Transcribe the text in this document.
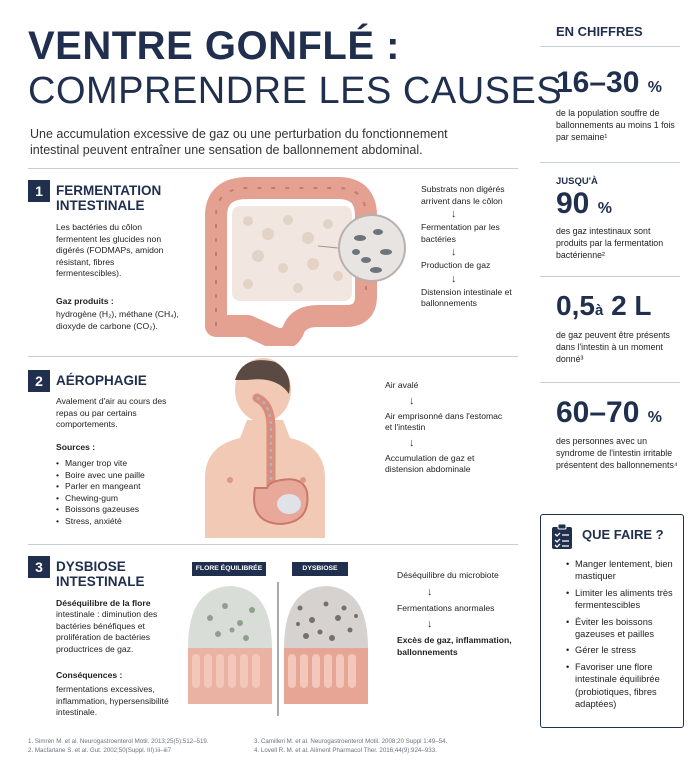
VENTRE GONFLÉ :
COMPRENDRE LES CAUSES
Une accumulation excessive de gaz ou une perturbation du fonctionnement intestinal peuvent entraîner une sensation de ballonnement abdominal.
1 FERMENTATION
INTESTINALE
Les bactéries du côlon fermentent les glucides non digérés (FODMAPs, amidon résistant, fibres fermentescibles).
Gaz produits :
hydrogène (H₂), méthane (CH₄), dioxyde de carbone (CO₂).
Substrats non digérés arrivent dans le côlon
↓
Fermentation par les bactéries
↓
Production de gaz
↓
Distension intestinale et ballonnements
2 AÉROPHAGIE
Avalement d'air au cours des repas ou par certains comportements.
Sources :
• Manger trop vite
• Boire avec une paille
• Parler en mangeant
• Chewing-gum
• Boissons gazeuses
• Stress, anxiété
Air avalé
↓
Air emprisonné dans l'estomac et l'intestin
↓
Accumulation de gaz et distension abdominale
3 DYSBIOSE
INTESTINALE
Déséquilibre de la flore
intestinale : diminution des bactéries bénéfiques et prolifération de bactéries productrices de gaz.
Conséquences :
fermentations excessives, inflammation, hypersensibilité intestinale.
FLORE ÉQUILIBRÉE	DYSBIOSE
Déséquilibre du microbiote
↓
Fermentations anormales
↓
Excès de gaz, inflammation, ballonnements
EN CHIFFRES
16–30 %
de la population souffre de ballonnements au moins 1 fois par semaine¹
JUSQU'À
90 %
des gaz intestinaux sont produits par la fermentation bactérienne²
0,5à 2 L
de gaz peuvent être présents dans l'intestin à un moment donné³
60–70 %
des personnes avec un syndrome de l'intestin irritable présentent des ballonnements⁴
QUE FAIRE ?
• Manger lentement, bien mastiquer
• Limiter les aliments très fermentescibles
• Éviter les boissons gazeuses et pailles
• Gérer le stress
• Favoriser une flore intestinale équilibrée (probiotiques, fibres adaptées)
1. Simrén M. et al. Neurogastroenterol Motil. 2013;25(5):512–519.
2. Macfarlane S. et al. Gut. 2002;50(Suppl. III):iii–iii7
3. Camilleri M. et al. Neurogastroenterol Motil. 2008;20 Suppl 1:49–54.
4. Lovell R. M. et al. Aliment Pharmacol Ther. 2016;44(9):924–933.
